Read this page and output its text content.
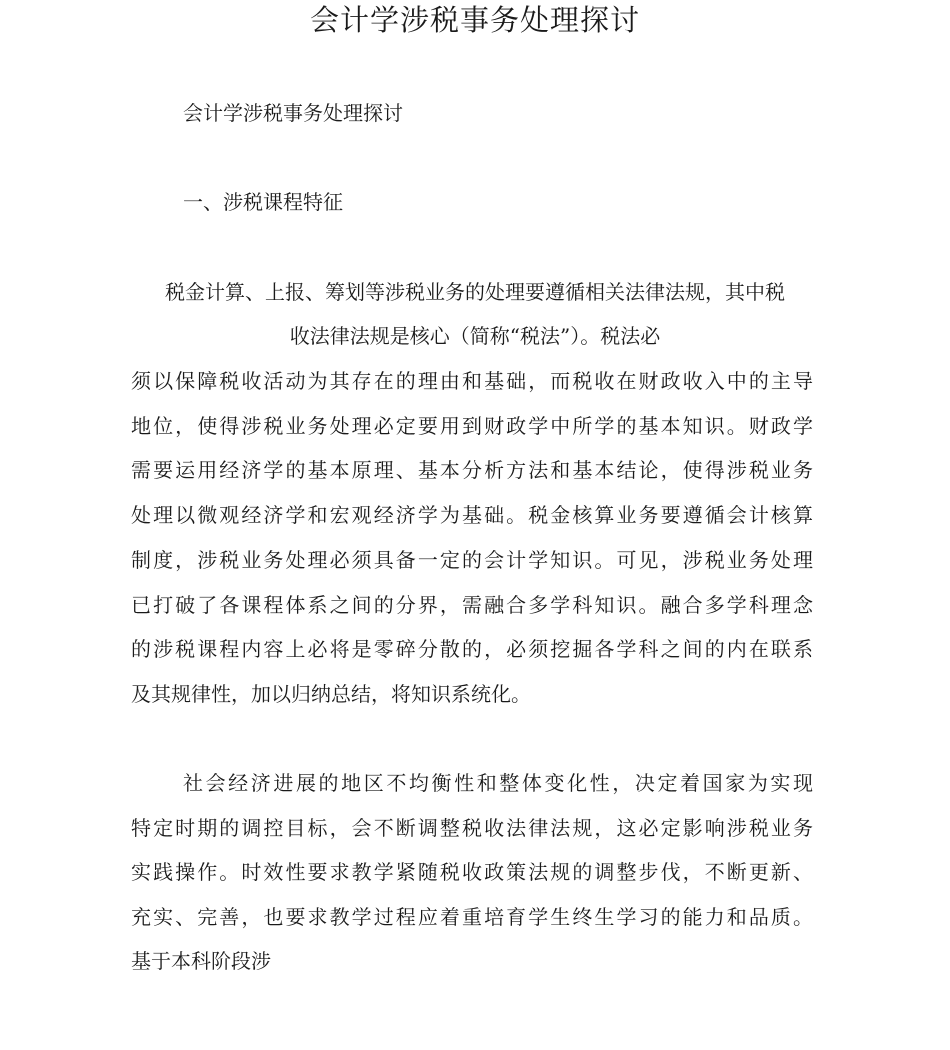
会计学涉税事务处理探讨
会计学涉税事务处理探讨
一、涉税课程特征
税金计算、上报、筹划等涉税业务的处理要遵循相关法律法规，其中税
收法律法规是核心（简称“税法”）。税法必
须以保障税收活动为其存在的理由和基础，而税收在财政收入中的主导
地位，使得涉税业务处理必定要用到财政学中所学的基本知识。财政学
需要运用经济学的基本原理、基本分析方法和基本结论，使得涉税业务
处理以微观经济学和宏观经济学为基础。税金核算业务要遵循会计核算
制度，涉税业务处理必须具备一定的会计学知识。可见，涉税业务处理
已打破了各课程体系之间的分界，需融合多学科知识。融合多学科理念
的涉税课程内容上必将是零碎分散的，必须挖掘各学科之间的内在联系
及其规律性，加以归纳总结，将知识系统化。
社会经济进展的地区不均衡性和整体变化性，决定着国家为实现
特定时期的调控目标，会不断调整税收法律法规，这必定影响涉税业务
实践操作。时效性要求教学紧随税收政策法规的调整步伐，不断更新、
充实、完善，也要求教学过程应着重培育学生终生学习的能力和品质。
基于本科阶段涉
